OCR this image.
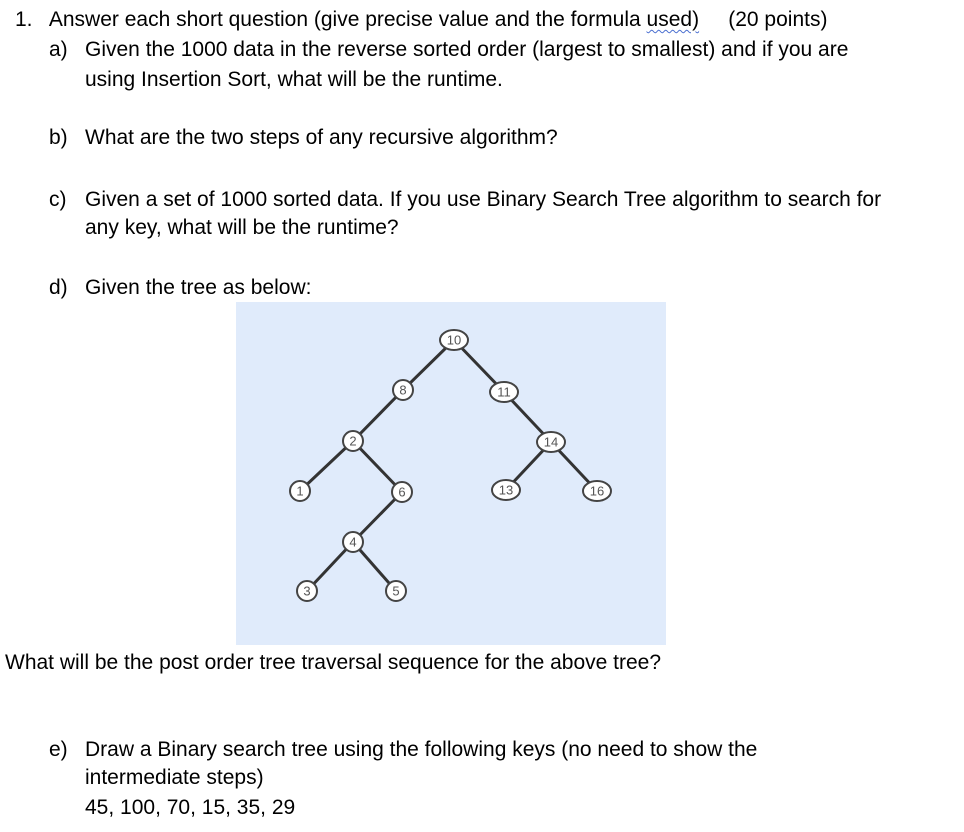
1. Answer each short question (give precise value and the formula used)     (20 points)
a) Given the 1000 data in the reverse sorted order (largest to smallest) and if you are
using Insertion Sort, what will be the runtime.
b) What are the two steps of any recursive algorithm?
c) Given a set of 1000 sorted data. If you use Binary Search Tree algorithm to search for
any key, what will be the runtime?
d) Given the tree as below:
10
8	11
2	14
1	6	13	16
4
3	5
What will be the post order tree traversal sequence for the above tree?
e) Draw a Binary search tree using the following keys (no need to show the
intermediate steps)
45, 100, 70, 15, 35, 29
